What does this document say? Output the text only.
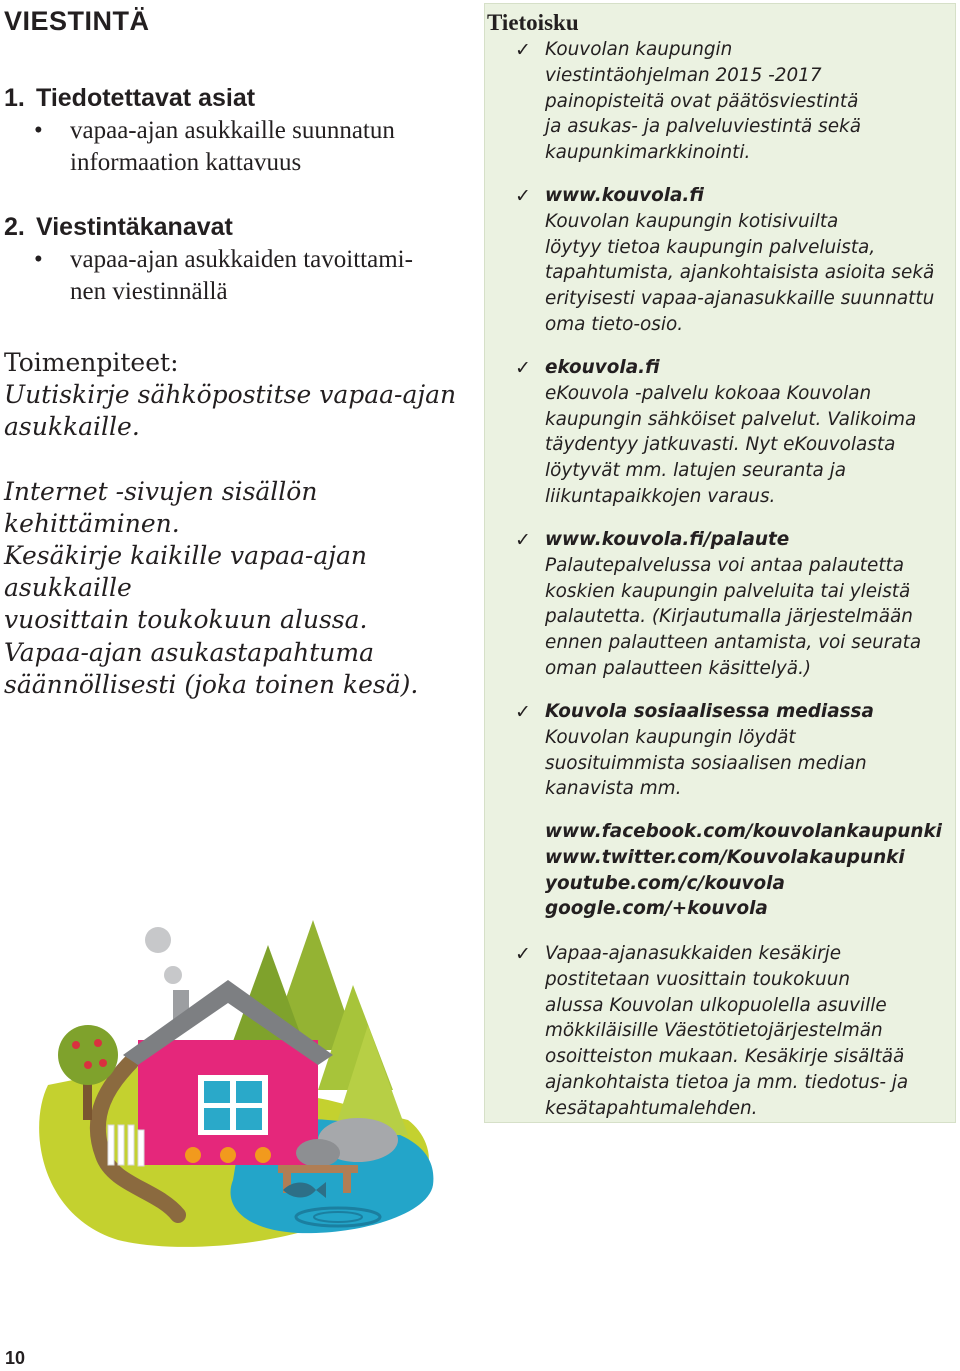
VIESTINTÄ
1. Tiedotettavat asiat
• vapaa-ajan asukkaille suunnatun
informaation kattavuus
2. Viestintäkanavat
• vapaa-ajan asukkaiden tavoittami-
nen viestinnällä
Toimenpiteet:

Uutiskirje sähköpostitse vapaa-ajan
asukkaille.

Internet -sivujen sisällön kehittäminen.

Kesäkirje kaikille vapaa-ajan asukkaille
vuosittain toukokuun alussa.

Vapaa-ajan asukastapahtuma
säännöllisesti (joka toinen kesä).

Tietoisku
✓ Kouvolan kaupungin
viestintäohjelman 2015 -2017
painopisteitä ovat päätösviestintä
ja asukas- ja palveluviestintä sekä
kaupunkimarkkinointi.
✓ www.kouvola.fi
Kouvolan kaupungin kotisivuilta
löytyy tietoa kaupungin palveluista,
tapahtumista, ajankohtaisista asioita sekä
erityisesti vapaa-ajanasukkaille suunnattu
oma tieto-osio.
✓ ekouvola.fi
eKouvola -palvelu kokoaa Kouvolan
kaupungin sähköiset palvelut. Valikoima
täydentyy jatkuvasti. Nyt eKouvolasta
löytyvät mm. latujen seuranta ja
liikuntapaikkojen varaus.
✓ www.kouvola.fi/palaute
Palautepalvelussa voi antaa palautetta
koskien kaupungin palveluita tai yleistä
palautetta. (Kirjautumalla järjestelmään
ennen palautteen antamista, voi seurata
oman palautteen käsittelyä.)
✓ Kouvola sosiaalisessa mediassa
Kouvolan kaupungin löydät
suosituimmista sosiaalisen median
kanavista mm.
www.facebook.com/kouvolankaupunki
www.twitter.com/Kouvolakaupunki
youtube.com/c/kouvola
google.com/+kouvola
✓ Vapaa-ajanasukkaiden kesäkirje
postitetaan vuosittain toukokuun
alussa Kouvolan ulkopuolella asuville
mökkiläisille Väestötietojärjestelmän
osoitteiston mukaan. Kesäkirje sisältää
ajankohtaista tietoa ja mm. tiedotus- ja
kesätapahtumalehden.

10
